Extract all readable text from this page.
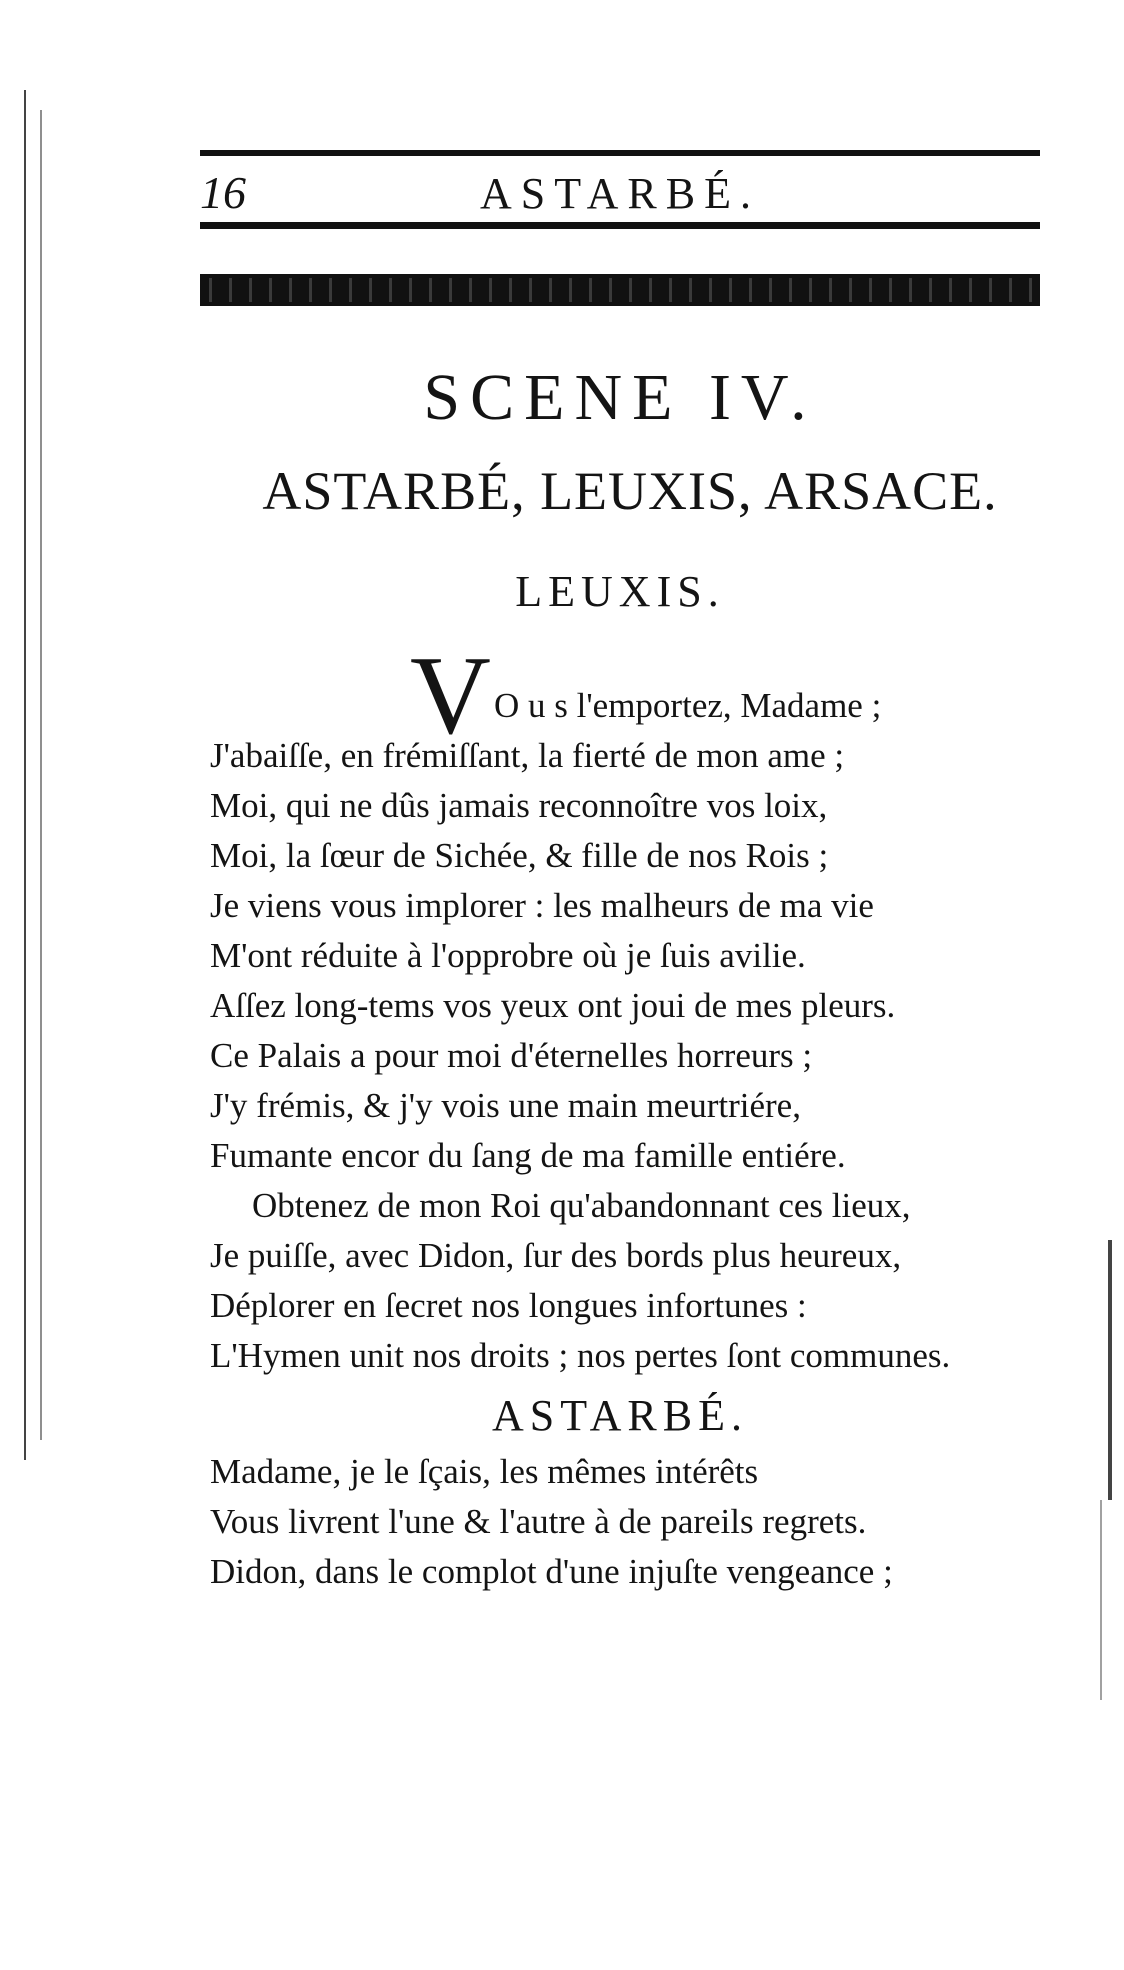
16	ASTARBÉ.
SCENE IV.
ASTARBÉ, LEUXIS, ARSACE.
LEUXIS.
V O u s l'emportez, Madame ;

J'abaiſſe, en frémiſſant, la fierté de mon ame ;

Moi, qui ne dûs jamais reconnoître vos loix,

Moi, la ſœur de Sichée, & fille de nos Rois ;

Je viens vous implorer : les malheurs de ma vie

M'ont réduite à l'opprobre où je ſuis avilie.

Aſſez long-tems vos yeux ont joui de mes pleurs.

Ce Palais a pour moi d'éternelles horreurs ;

J'y frémis, & j'y vois une main meurtriére,

Fumante encor du ſang de ma famille entiére.

Obtenez de mon Roi qu'abandonnant ces lieux,

Je puiſſe, avec Didon, ſur des bords plus heureux,

Déplorer en ſecret nos longues infortunes :

L'Hymen unit nos droits ; nos pertes ſont communes.

ASTARBÉ.

Madame, je le ſçais, les mêmes intérêts

Vous livrent l'une & l'autre à de pareils regrets.

Didon, dans le complot d'une injuſte vengeance ;
